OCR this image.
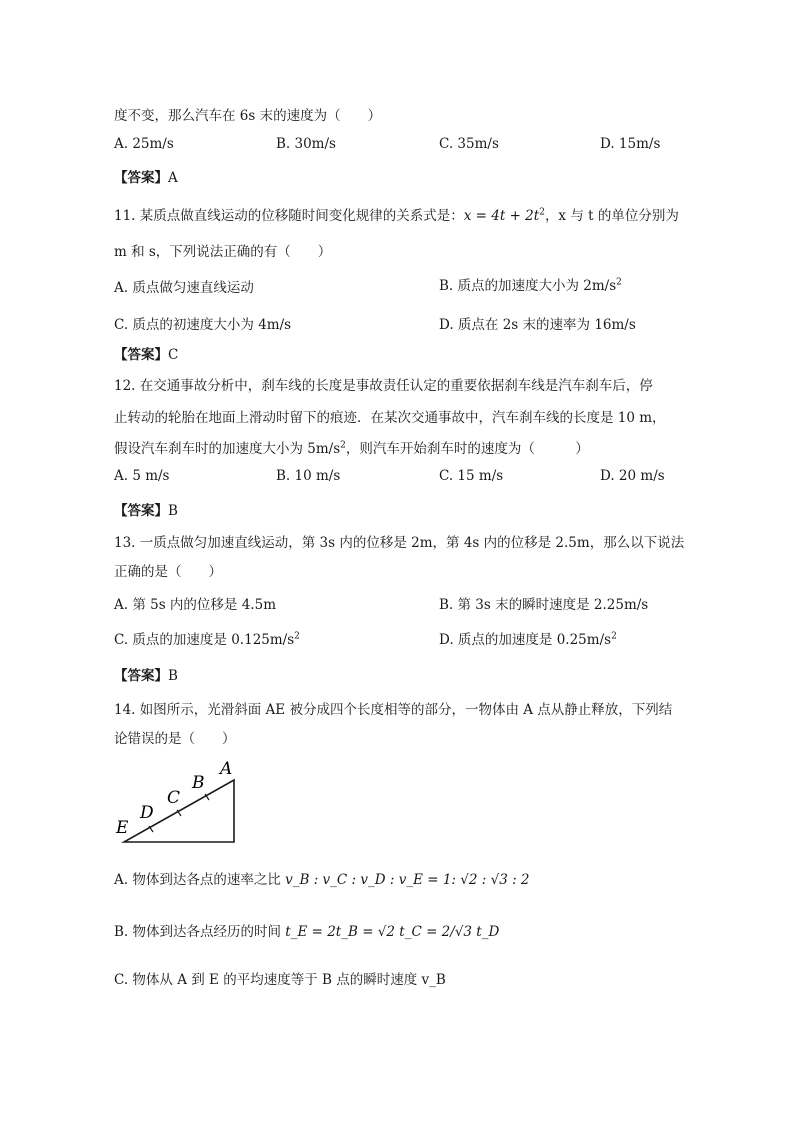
度不变，那么汽车在 6s 末的速度为（　　）
A. 25m/s	B. 30m/s	C. 35m/s	D. 15m/s
【答案】A
11. 某质点做直线运动的位移随时间变化规律的关系式是：$x = 4t + 2t^2$，x 与 t 的单位分别为
m 和 s，下列说法正确的有（　　）
A. 质点做匀速直线运动	B. 质点的加速度大小为 $2m/s^2$
C. 质点的初速度大小为 4m/s	D. 质点在 2s 末的速率为 16m/s
【答案】C
12. 在交通事故分析中，刹车线的长度是事故责任认定的重要依据刹车线是汽车刹车后，停
止转动的轮胎在地面上滑动时留下的痕迹．在某次交通事故中，汽车刹车线的长度是 10 m，
假设汽车刹车时的加速度大小为 $5m/s^2$，则汽车开始刹车时的速度为（　　　）
A. 5 m/s	B. 10 m/s	C. 15 m/s	D. 20 m/s
【答案】B
13. 一质点做匀加速直线运动，第 3s 内的位移是 2m，第 4s 内的位移是 2.5m，那么以下说法
正确的是（　　）
A. 第 5s 内的位移是 4.5m	B. 第 3s 末的瞬时速度是 2.25m/s
C. 质点的加速度是 $0.125m/s^2$	D. 质点的加速度是 $0.25m/s^2$
【答案】B
14. 如图所示，光滑斜面 AE 被分成四个长度相等的部分，一物体由 A 点从静止释放，下列结
论错误的是（　　）
A
B
C
D
E
A. 物体到达各点的速率之比 v_B : v_C : v_D : v_E = 1: √2 : √3 : 2
B. 物体到达各点经历的时间 t_E = 2t_B = √2 t_C = 2/√3 t_D
C. 物体从 A 到 E 的平均速度等于 B 点的瞬时速度 v_B
